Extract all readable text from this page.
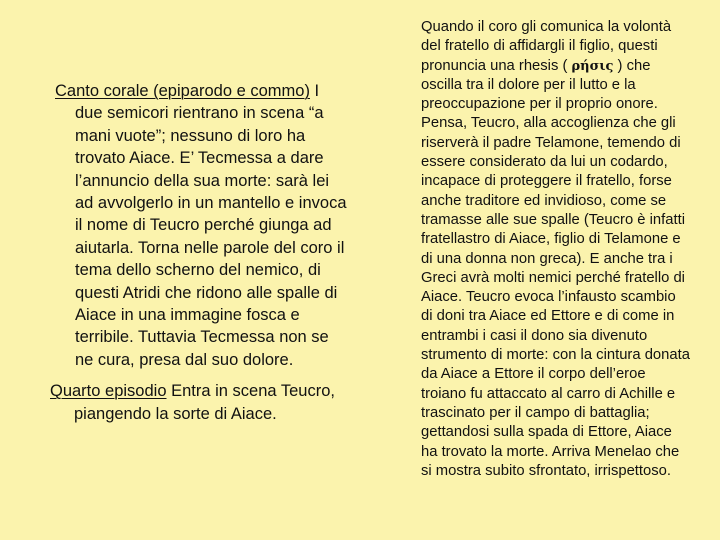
Canto corale (epiparodo e commo) I due semicori rientrano in scena “a mani vuote”; nessuno di loro ha trovato Aiace. E’ Tecmessa a dare l’annuncio della sua morte: sarà lei ad avvolgerlo in un mantello e invoca il nome di Teucro perché giunga ad aiutarla. Torna nelle parole del coro il tema dello scherno del nemico, di questi Atridi che ridono alle spalle di Aiace in una immagine fosca e terribile. Tuttavia Tecmessa non se ne cura, presa dal suo dolore.

Quarto episodio Entra in scena Teucro, piangendo la sorte di Aiace.

Quando il coro gli comunica la volontà del fratello di affidargli il figlio, questi pronuncia una rhesis ( ρήσις ) che oscilla tra il dolore per il lutto e la preoccupazione per il proprio onore. Pensa, Teucro, alla accoglienza che gli riserverà il padre Telamone, temendo di essere considerato da lui un codardo, incapace di proteggere il fratello, forse anche traditore ed invidioso, come se tramasse alle sue spalle (Teucro è infatti fratellastro di Aiace, figlio di Telamone e di una donna non greca). E anche tra i Greci avrà molti nemici perché fratello di Aiace. Teucro evoca l’infausto scambio di doni tra Aiace ed Ettore e di come in entrambi i casi il dono sia divenuto strumento di morte: con la cintura donata da Aiace a Ettore il corpo dell’eroe troiano fu attaccato al carro di Achille e trascinato per il campo di battaglia; gettandosi sulla spada di Ettore, Aiace ha trovato la morte. Arriva Menelao che si mostra subito sfrontato, irrispettoso.
